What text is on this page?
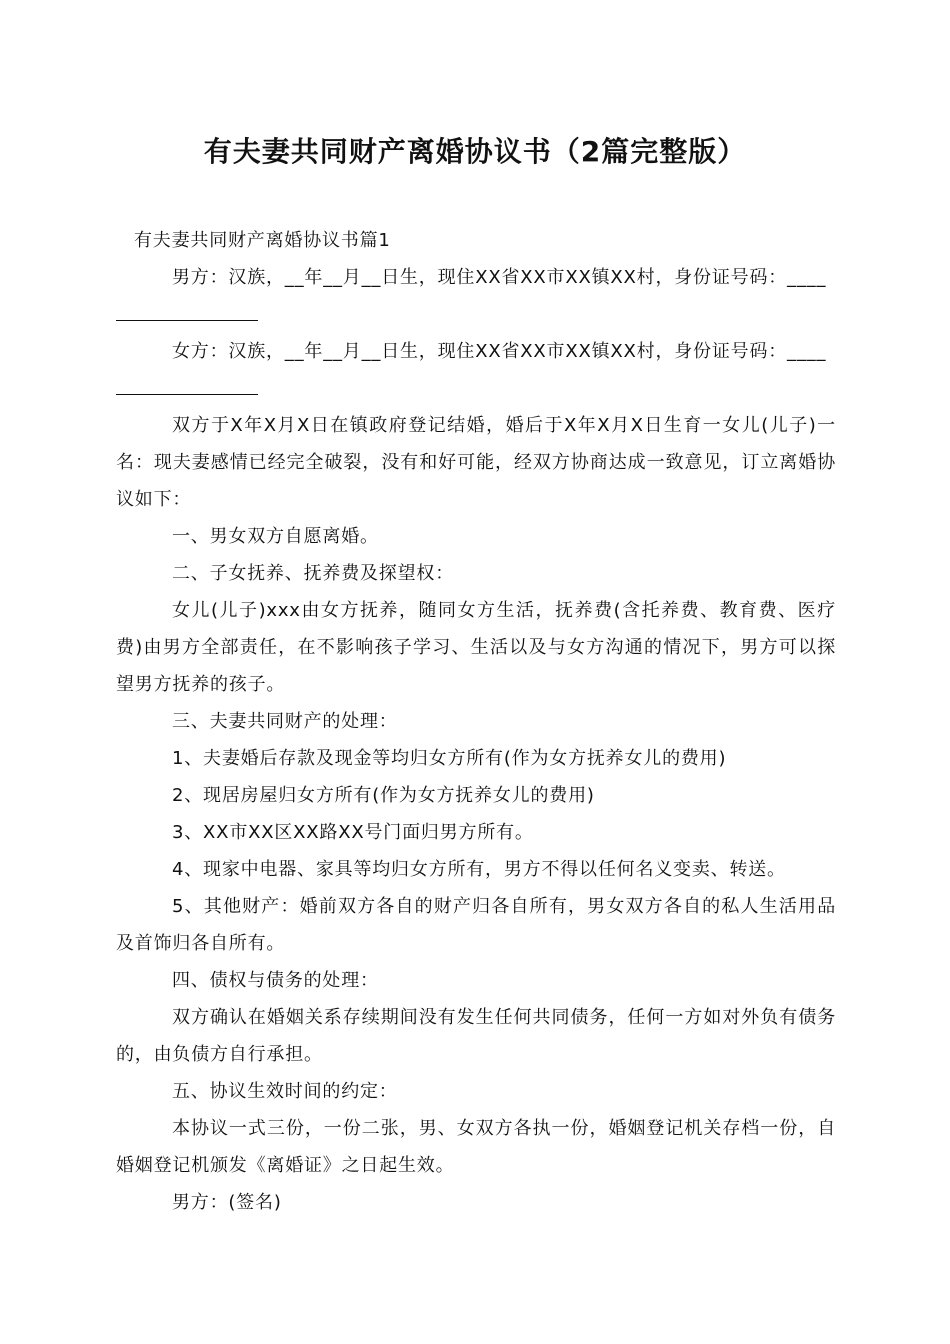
有夫妻共同财产离婚协议书（2篇完整版）
有夫妻共同财产离婚协议书篇1
男方：汉族，__年__月__日生，现住XX省XX市XX镇XX村，身份证号码：____
女方：汉族，__年__月__日生，现住XX省XX市XX镇XX村，身份证号码：____
双方于X年X月X日在镇政府登记结婚，婚后于X年X月X日生育一女儿(儿子)一名：现夫妻感情已经完全破裂，没有和好可能，经双方协商达成一致意见，订立离婚协议如下：
一、男女双方自愿离婚。
二、子女抚养、抚养费及探望权：
女儿(儿子)xxx由女方抚养，随同女方生活，抚养费(含托养费、教育费、医疗费)由男方全部责任，在不影响孩子学习、生活以及与女方沟通的情况下，男方可以探望男方抚养的孩子。
三、夫妻共同财产的处理：
1、夫妻婚后存款及现金等均归女方所有(作为女方抚养女儿的费用)
2、现居房屋归女方所有(作为女方抚养女儿的费用)
3、XX市XX区XX路XX号门面归男方所有。
4、现家中电器、家具等均归女方所有，男方不得以任何名义变卖、转送。
5、其他财产：婚前双方各自的财产归各自所有，男女双方各自的私人生活用品及首饰归各自所有。
四、债权与债务的处理：
双方确认在婚姻关系存续期间没有发生任何共同债务，任何一方如对外负有债务的，由负债方自行承担。
五、协议生效时间的约定：
本协议一式三份，一份二张，男、女双方各执一份，婚姻登记机关存档一份，自婚姻登记机颁发《离婚证》之日起生效。
男方：(签名)
